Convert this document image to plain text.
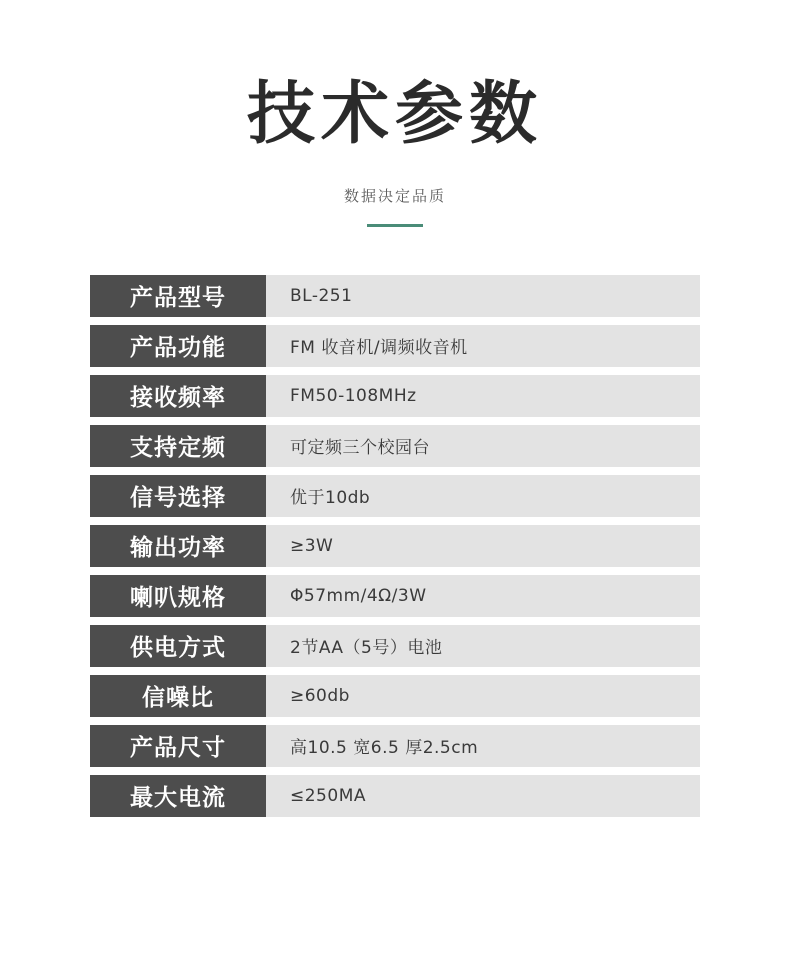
技术参数
数据决定品质
产品型号	BL-251
产品功能	FM 收音机/调频收音机
接收频率	FM50-108MHz
支持定频	可定频三个校园台
信号选择	优于10db
输出功率	≥3W
喇叭规格	Φ57mm/4Ω/3W
供电方式	2节AA（5号）电池
信噪比	≥60db
产品尺寸	高10.5 宽6.5 厚2.5cm
最大电流	≤250MA
